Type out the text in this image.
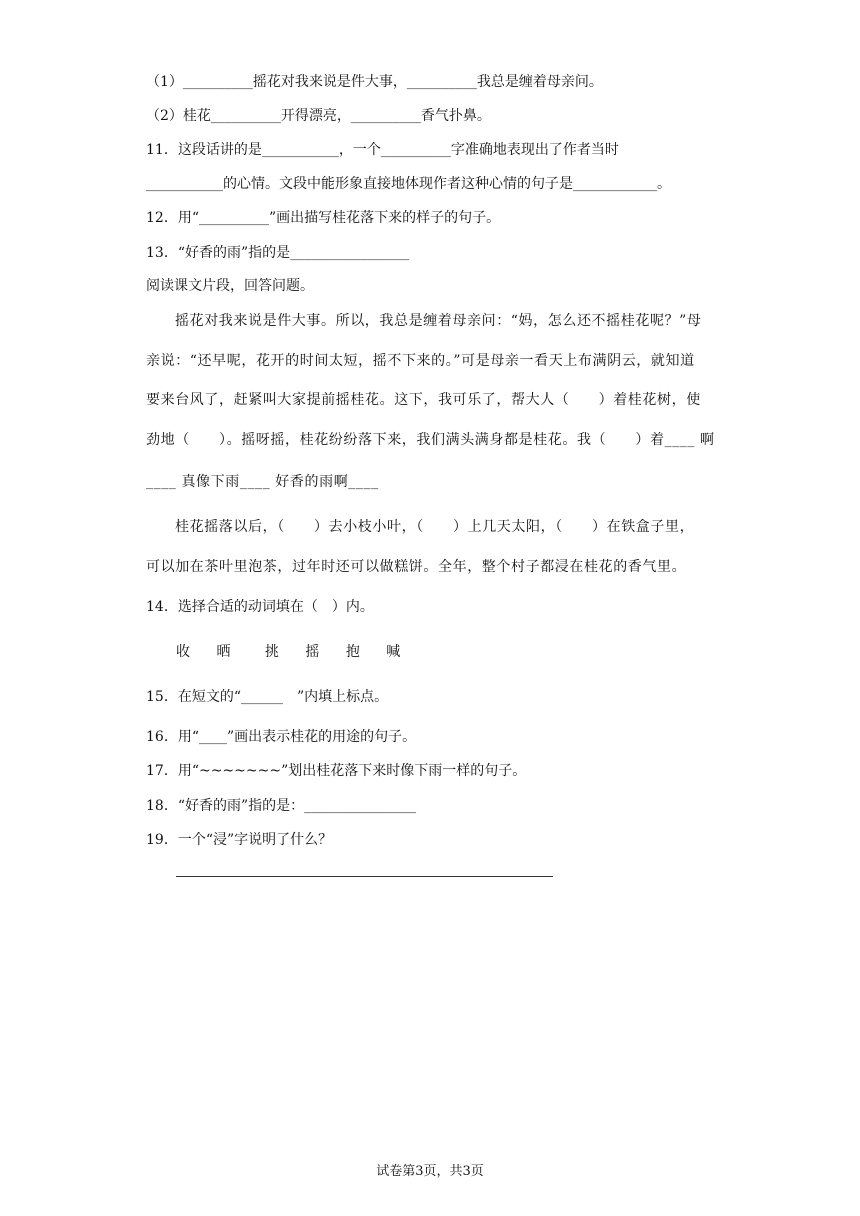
（1）__________摇花对我来说是件大事，__________我总是缠着母亲问。
（2）桂花__________开得漂亮，__________香气扑鼻。
11．这段话讲的是___________，一个__________字准确地表现出了作者当时
___________的心情。文段中能形象直接地体现作者这种心情的句子是____________。
12．用“__________”画出描写桂花落下来的样子的句子。
13．“好香的雨”指的是_________________
阅读课文片段，回答问题。
摇花对我来说是件大事。所以，我总是缠着母亲问：“妈，怎么还不摇桂花呢？”母
亲说：“还早呢，花开的时间太短，摇不下来的。”可是母亲一看天上布满阴云，就知道
要来台风了，赶紧叫大家提前摇桂花。这下，我可乐了，帮大人（　　）着桂花树，使
劲地（　　）。摇呀摇，桂花纷纷落下来，我们满头满身都是桂花。我（　　）着____ 啊
____ 真像下雨____ 好香的雨啊____
桂花摇落以后，（　　）去小枝小叶，（　　）上几天太阳，（　　）在铁盒子里，
可以加在茶叶里泡茶，过年时还可以做糕饼。全年，整个村子都浸在桂花的香气里。
14．选择合适的动词填在（　）内。
收 晒 挑 摇 抱 喊
15．在短文的“______　”内填上标点。
16．用“____”画出表示桂花的用途的句子。
17．用“~~~~~~~”划出桂花落下来时像下雨一样的句子。
18．“好香的雨”指的是：________________
19．一个“浸”字说明了什么？
试卷第3页，共3页
